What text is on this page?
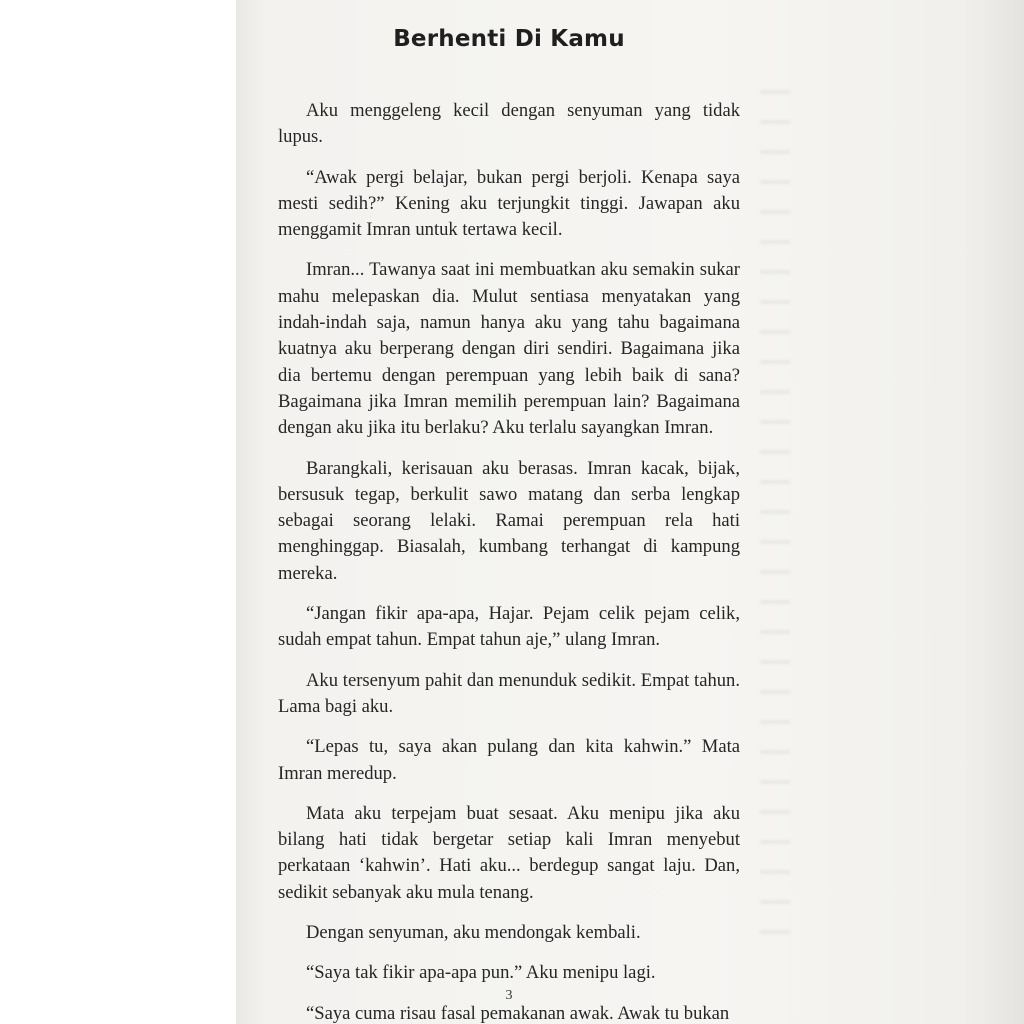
Berhenti Di Kamu

Aku menggeleng kecil dengan senyuman yang tidak lupus.

“Awak pergi belajar, bukan pergi berjoli. Kenapa saya mesti sedih?” Kening aku terjungkit tinggi. Jawapan aku menggamit Imran untuk tertawa kecil.

Imran... Tawanya saat ini membuatkan aku semakin sukar mahu melepaskan dia. Mulut sentiasa menyatakan yang indah-indah saja, namun hanya aku yang tahu bagaimana kuatnya aku berperang dengan diri sendiri. Bagaimana jika dia bertemu dengan perempuan yang lebih baik di sana? Bagaimana jika Imran memilih perempuan lain? Bagaimana dengan aku jika itu berlaku? Aku terlalu sayangkan Imran.

Barangkali, kerisauan aku berasas. Imran kacak, bijak, bersusuk tegap, berkulit sawo matang dan serba lengkap sebagai seorang lelaki. Ramai perempuan rela hati menghinggap. Biasalah, kumbang terhangat di kampung mereka.

“Jangan fikir apa-apa, Hajar. Pejam celik pejam celik, sudah empat tahun. Empat tahun aje,” ulang Imran.

Aku tersenyum pahit dan menunduk sedikit. Empat tahun. Lama bagi aku.

“Lepas tu, saya akan pulang dan kita kahwin.” Mata Imran meredup.

Mata aku terpejam buat sesaat. Aku menipu jika aku bilang hati tidak bergetar setiap kali Imran menyebut perkataan ‘kahwin’. Hati aku... berdegup sangat laju. Dan, sedikit sebanyak aku mula tenang.

Dengan senyuman, aku mendongak kembali.

“Saya tak fikir apa-apa pun.” Aku menipu lagi.

“Saya cuma risau fasal pemakanan awak. Awak tu bukan

3
